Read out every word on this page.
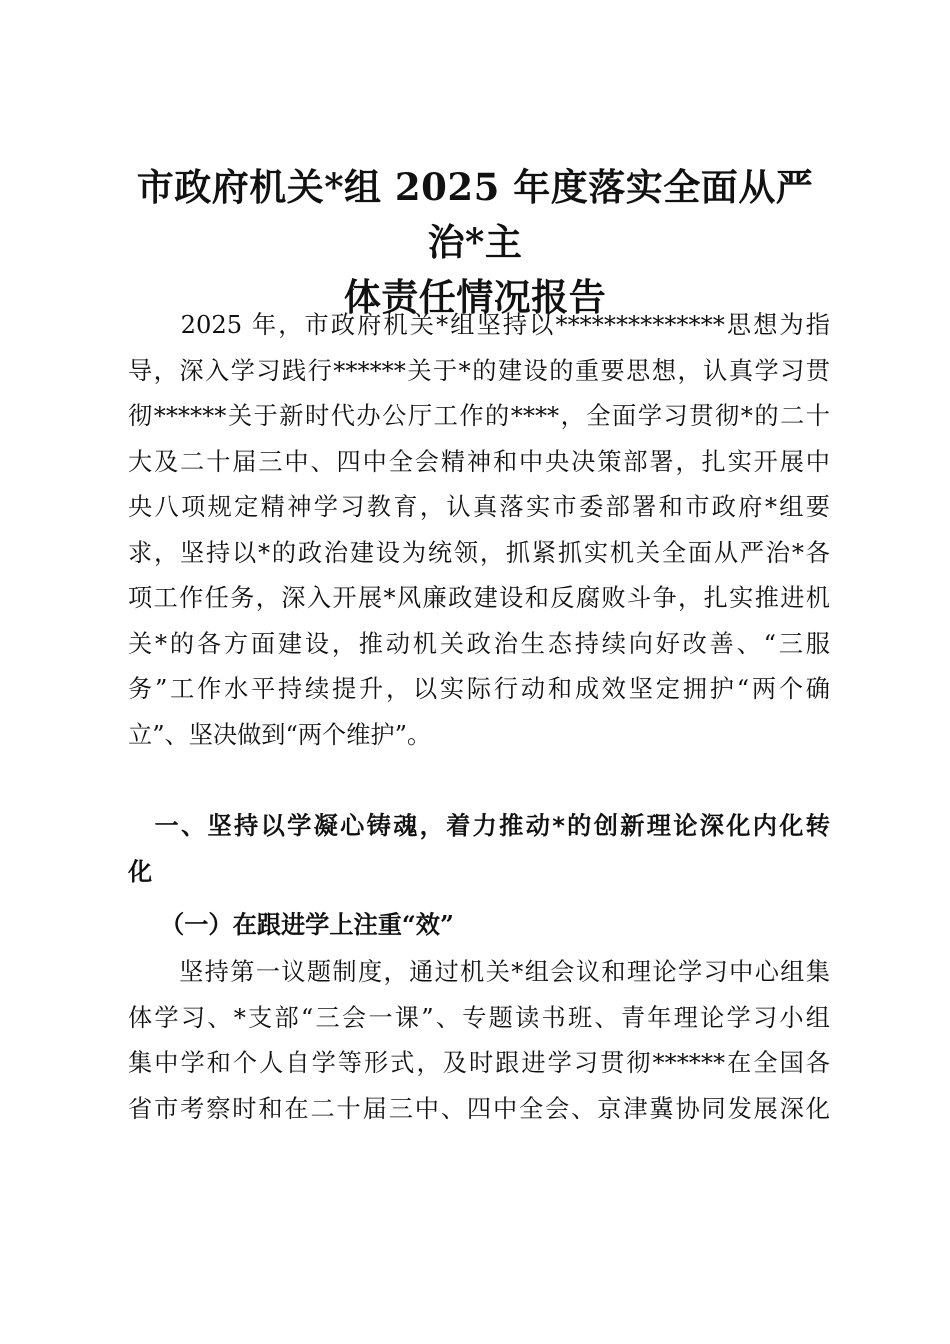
市政府机关*组 2025 年度落实全面从严治*主
体责任情况报告
　　2025 年，市政府机关*组坚持以**************思想为指
导，深入学习践行******关于*的建设的重要思想，认真学习贯
彻******关于新时代办公厅工作的****，全面学习贯彻*的二十
大及二十届三中、四中全会精神和中央决策部署，扎实开展中
央八项规定精神学习教育，认真落实市委部署和市政府*组要
求，坚持以*的政治建设为统领，抓紧抓实机关全面从严治*各
项工作任务，深入开展*风廉政建设和反腐败斗争，扎实推进机
关*的各方面建设，推动机关政治生态持续向好改善、“三服
务”工作水平持续提升，以实际行动和成效坚定拥护“两个确
立”、坚决做到“两个维护”。
　一、坚持以学凝心铸魂，着力推动*的创新理论深化内化转
化
（一）在跟进学上注重“效”
　　坚持第一议题制度，通过机关*组会议和理论学习中心组集
体学习、*支部“三会一课”、专题读书班、青年理论学习小组
集中学和个人自学等形式，及时跟进学习贯彻******在全国各
省市考察时和在二十届三中、四中全会、京津冀协同发展深化
